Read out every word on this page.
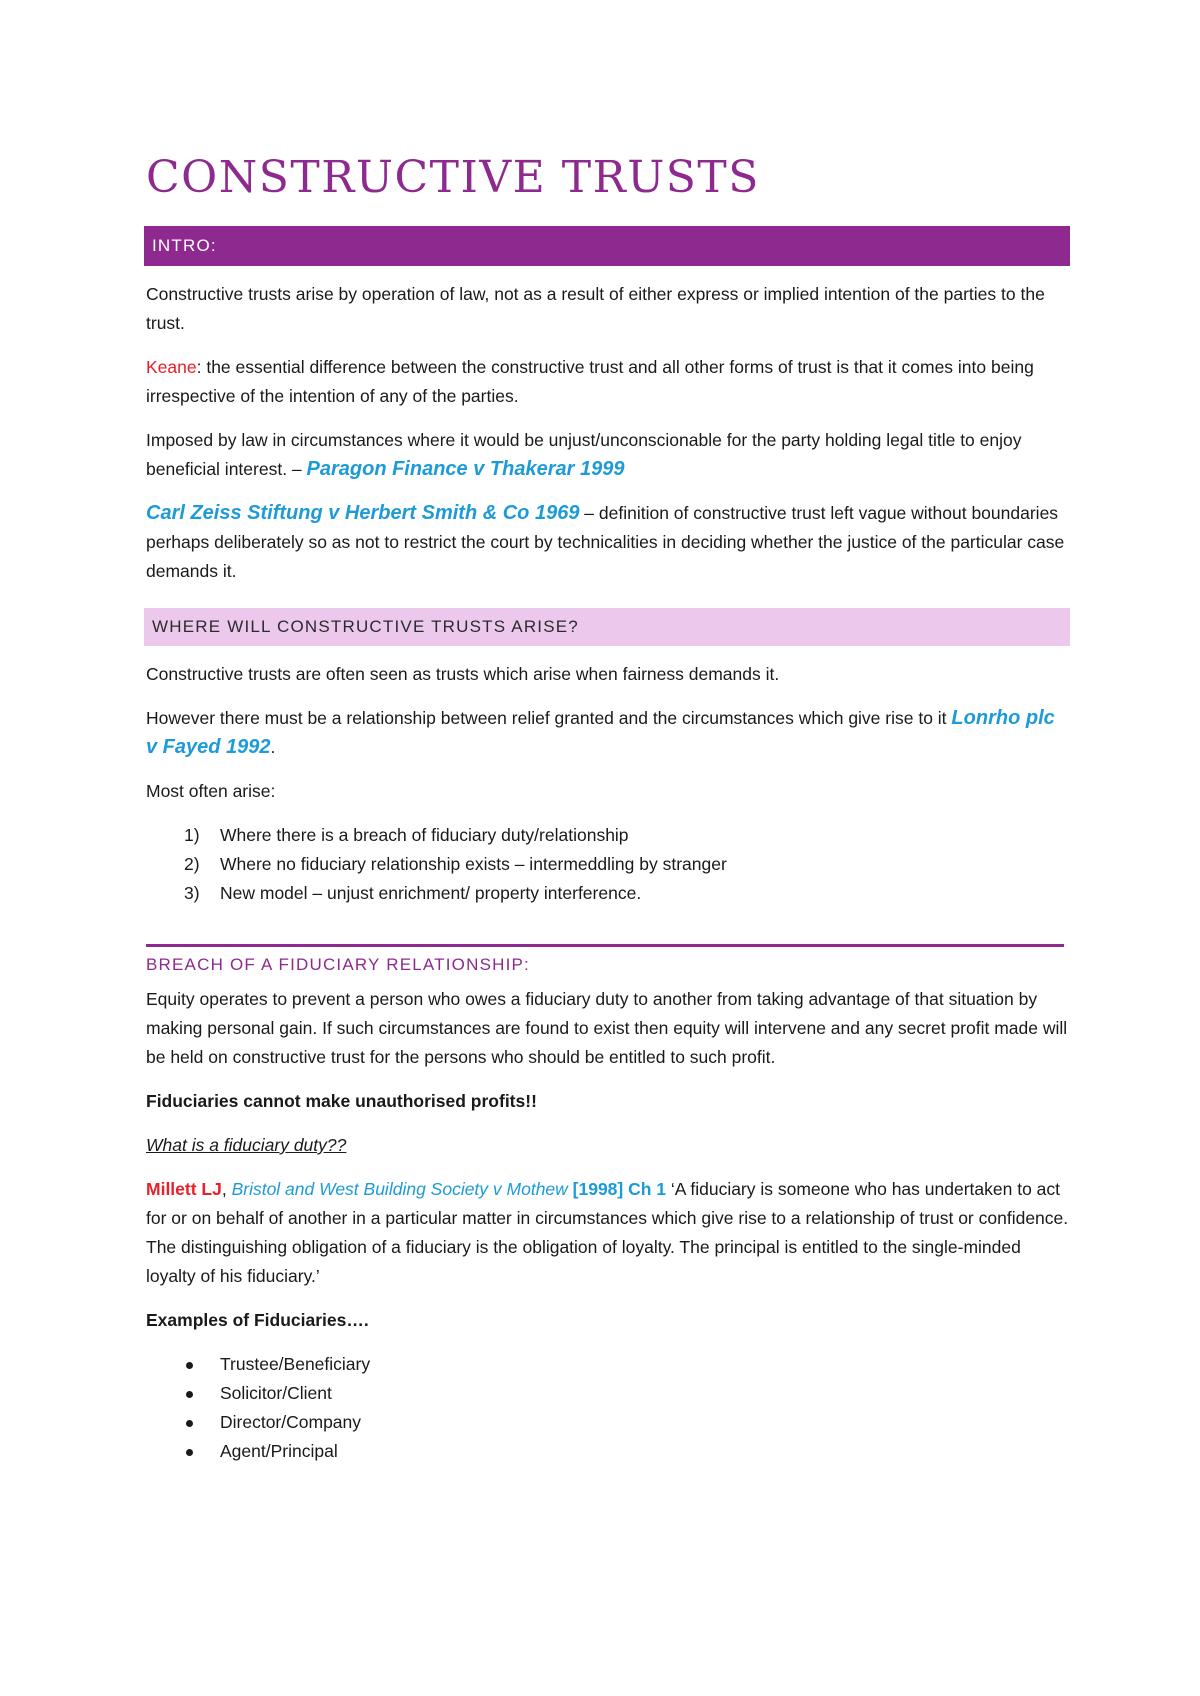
CONSTRUCTIVE TRUSTS
INTRO:

Constructive trusts arise by operation of law, not as a result of either express or implied intention of the parties to the trust.

Keane: the essential difference between the constructive trust and all other forms of trust is that it comes into being irrespective of the intention of any of the parties.

Imposed by law in circumstances where it would be unjust/unconscionable for the party holding legal title to enjoy beneficial interest. – Paragon Finance v Thakerar 1999

Carl Zeiss Stiftung v Herbert Smith & Co 1969 – definition of constructive trust left vague without boundaries perhaps deliberately so as not to restrict the court by technicalities in deciding whether the justice of the particular case demands it.

WHERE WILL CONSTRUCTIVE TRUSTS ARISE?

Constructive trusts are often seen as trusts which arise when fairness demands it.

However there must be a relationship between relief granted and the circumstances which give rise to it Lonrho plc v Fayed 1992.

Most often arise:

1) Where there is a breach of fiduciary duty/relationship
2) Where no fiduciary relationship exists – intermeddling by stranger
3) New model – unjust enrichment/ property interference.
BREACH OF A FIDUCIARY RELATIONSHIP:

Equity operates to prevent a person who owes a fiduciary duty to another from taking advantage of that situation by making personal gain. If such circumstances are found to exist then equity will intervene and any secret profit made will be held on constructive trust for the persons who should be entitled to such profit.

Fiduciaries cannot make unauthorised profits!!

What is a fiduciary duty??

Millett LJ, Bristol and West Building Society v Mothew [1998] Ch 1 ‘A fiduciary is someone who has undertaken to act for or on behalf of another in a particular matter in circumstances which give rise to a relationship of trust or confidence. The distinguishing obligation of a fiduciary is the obligation of loyalty. The principal is entitled to the single-minded loyalty of his fiduciary.’

Examples of Fiduciaries….

Trustee/Beneficiary
Solicitor/Client
Director/Company
Agent/Principal
